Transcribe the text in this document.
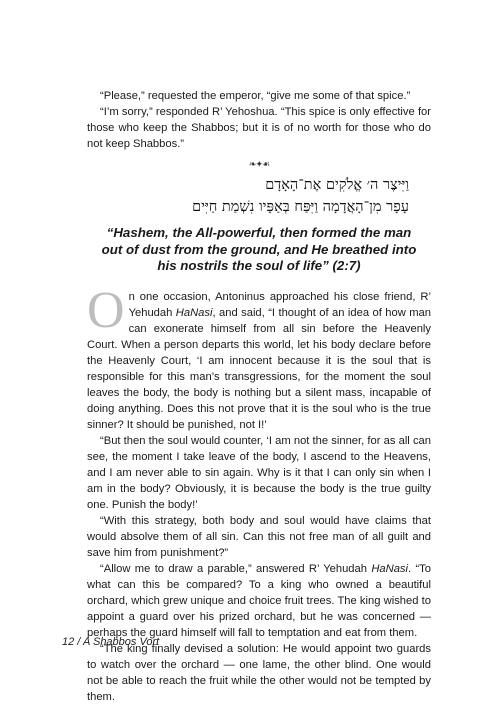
“Please,” requested the emperor, “give me some of that spice.”

“I’m sorry,” responded R’ Yehoshua. “This spice is only effective for those who keep the Shabbos; but it is of no worth for those who do not keep Shabbos.”

❧✦☙

וַיִּיצֶר ה׳ אֱלֹקִים אֶת־הָאָדָם

עָפָר מִן־הָאֲדָמָה וַיִּפַּח בְּאַפָּיו נִשְׁמַת חַיִּים

“Hashem, the All-powerful, then formed the man out of dust from the ground, and He breathed into his nostrils the soul of life” (2:7)

On one occasion, Antoninus approached his close friend, R’ Yehudah HaNasi, and said, “I thought of an idea of how man can exonerate himself from all sin before the Heavenly Court. When a person departs this world, let his body declare before the Heavenly Court, ‘I am innocent because it is the soul that is responsible for this man’s transgressions, for the moment the soul leaves the body, the body is nothing but a silent mass, incapable of doing anything. Does this not prove that it is the soul who is the true sinner? It should be punished, not I!’

“But then the soul would counter, ‘I am not the sinner, for as all can see, the moment I take leave of the body, I ascend to the Heavens, and I am never able to sin again. Why is it that I can only sin when I am in the body? Obviously, it is because the body is the true guilty one. Punish the body!’

“With this strategy, both body and soul would have claims that would absolve them of all sin. Can this not free man of all guilt and save him from punishment?”

“Allow me to draw a parable,” answered R’ Yehudah HaNasi. “To what can this be compared? To a king who owned a beautiful orchard, which grew unique and choice fruit trees. The king wished to appoint a guard over his prized orchard, but he was concerned — perhaps the guard himself will fall to temptation and eat from them.

“The king finally devised a solution: He would appoint two guards to watch over the orchard — one lame, the other blind. One would not be able to reach the fruit while the other would not be tempted by them.

12 / A Shabbos Vort
